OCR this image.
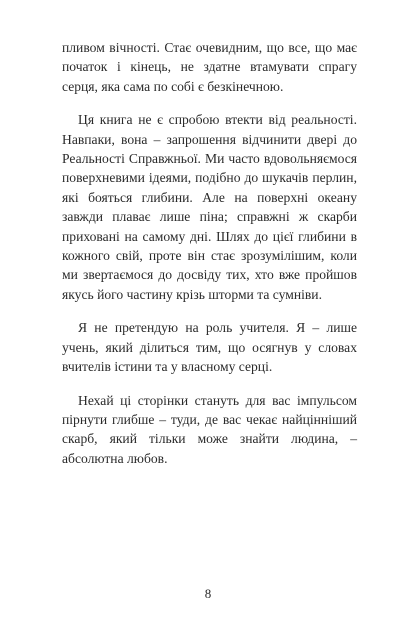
пливом вічності. Стає очевидним, що все, що має початок і кінець, не здатне втамувати спрагу серця, яка сама по собі є безкінечною.

Ця книга не є спробою втекти від реальності. Навпаки, вона – запрошення відчинити двері до Реальності Справжньої. Ми часто вдовольняємося поверхневими ідеями, подібно до шукачів перлин, які бояться глибини. Але на поверхні океану завжди плаває лише піна; справжні ж скарби приховані на самому дні. Шлях до цієї глибини в кожного свій, проте він стає зрозумілішим, коли ми звертаємося до досвіду тих, хто вже пройшов якусь його частину крізь шторми та сумніви.

Я не претендую на роль учителя. Я – лише учень, який ділиться тим, що осягнув у словах вчителів істини та у власному серці.

Нехай ці сторінки стануть для вас імпульсом пірнути глибше – туди, де вас чекає найцінніший скарб, який тільки може знайти людина, – абсолютна любов.

8
